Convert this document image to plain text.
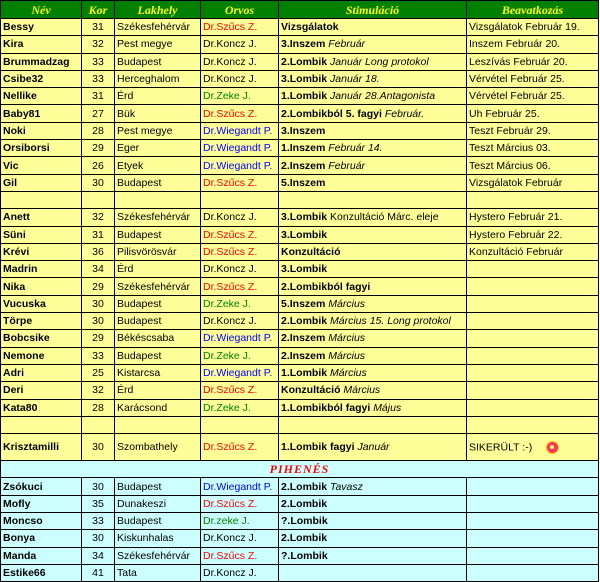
Név	Kor	Lakhely	Orvos	Stimuláció	Beavatkozás
Bessy	31	Székesfehérvár	Dr.Szűcs Z.	Vizsgálatok	Vizsgálatok Február 19.
Kira	32	Pest megye	Dr.Koncz J.	3.Inszem Február	Inszem Február 20.
Brummadzag	33	Budapest	Dr.Koncz J.	2.Lombik Január Long protokol	Leszívás Február 20.
Csibe32	33	Herceghalom	Dr.Koncz J.	3.Lombik Január 18.	Vérvétel Február 25.
Nellike	31	Érd	Dr.Zeke J.	1.Lombik Január 28.Antagonista	Vérvétel Február 25.
Baby81	27	Bük	Dr.Szűcs Z.	2.Lombikból 5. fagyi Február.	Uh Február 25.
Noki	28	Pest megye	Dr.Wiegandt P.	3.Inszem	Teszt Február 29.
Orsiborsi	29	Eger	Dr.Wiegandt P.	1.Inszem Február 14.	Teszt Március 03.
Vic	26	Etyek	Dr.Wiegandt P.	2.Inszem Február	Teszt Március 06.
Gil	30	Budapest	Dr.Szűcs Z.	5.Inszem	Vizsgálatok Február

Anett	32	Székesfehérvár	Dr.Koncz J.	3.Lombik Konzultáció Márc. eleje	Hystero Február 21.
Süni	31	Budapest	Dr.Szűcs Z.	3.Lombik	Hystero Február 22.
Krévi	36	Pilisvörösvár	Dr.Szűcs Z.	Konzultáció	Konzultáció Február
Madrin	34	Érd	Dr.Koncz J.	3.Lombik	
Nika	29	Székesfehérvár	Dr.Szűcs Z.	2.Lombikból fagyi	
Vucuska	30	Budapest	Dr.Zeke J.	5.Inszem Március	
Törpe	30	Budapest	Dr.Koncz J.	2.Lombik Március 15. Long protokol	
Bobcsike	29	Békéscsaba	Dr.Wiegandt P.	2.Inszem Március	
Nemone	33	Budapest	Dr.Zeke J.	2.Inszem Március	
Adri	25	Kistarcsa	Dr.Wiegandt P.	1.Lombik Március	
Deri	32	Érd	Dr.Szűcs Z.	Konzultáció Március	
Kata80	28	Karácsond	Dr.Zeke J.	1.Lombikból fagyi Május	

Krisztamilli	30	Szombathely	Dr.Szűcs Z.	1.Lombik fagyi Január	SIKERÜLT :-)
PIHENÉS					
Zsókuci	30	Budapest	Dr.Wiegandt P.	2.Lombik Tavasz	
Mofly	35	Dunakeszi	Dr.Szűcs Z.	2.Lombik	
Moncso	33	Budapest	Dr.zeke J.	?.Lombik	
Bonya	30	Kiskunhalas	Dr.Koncz J.	2.Lombik	
Manda	34	Székesfehérvár	Dr.Szűcs Z.	?.Lombik	
Estike66	41	Tata	Dr.Koncz J.		
